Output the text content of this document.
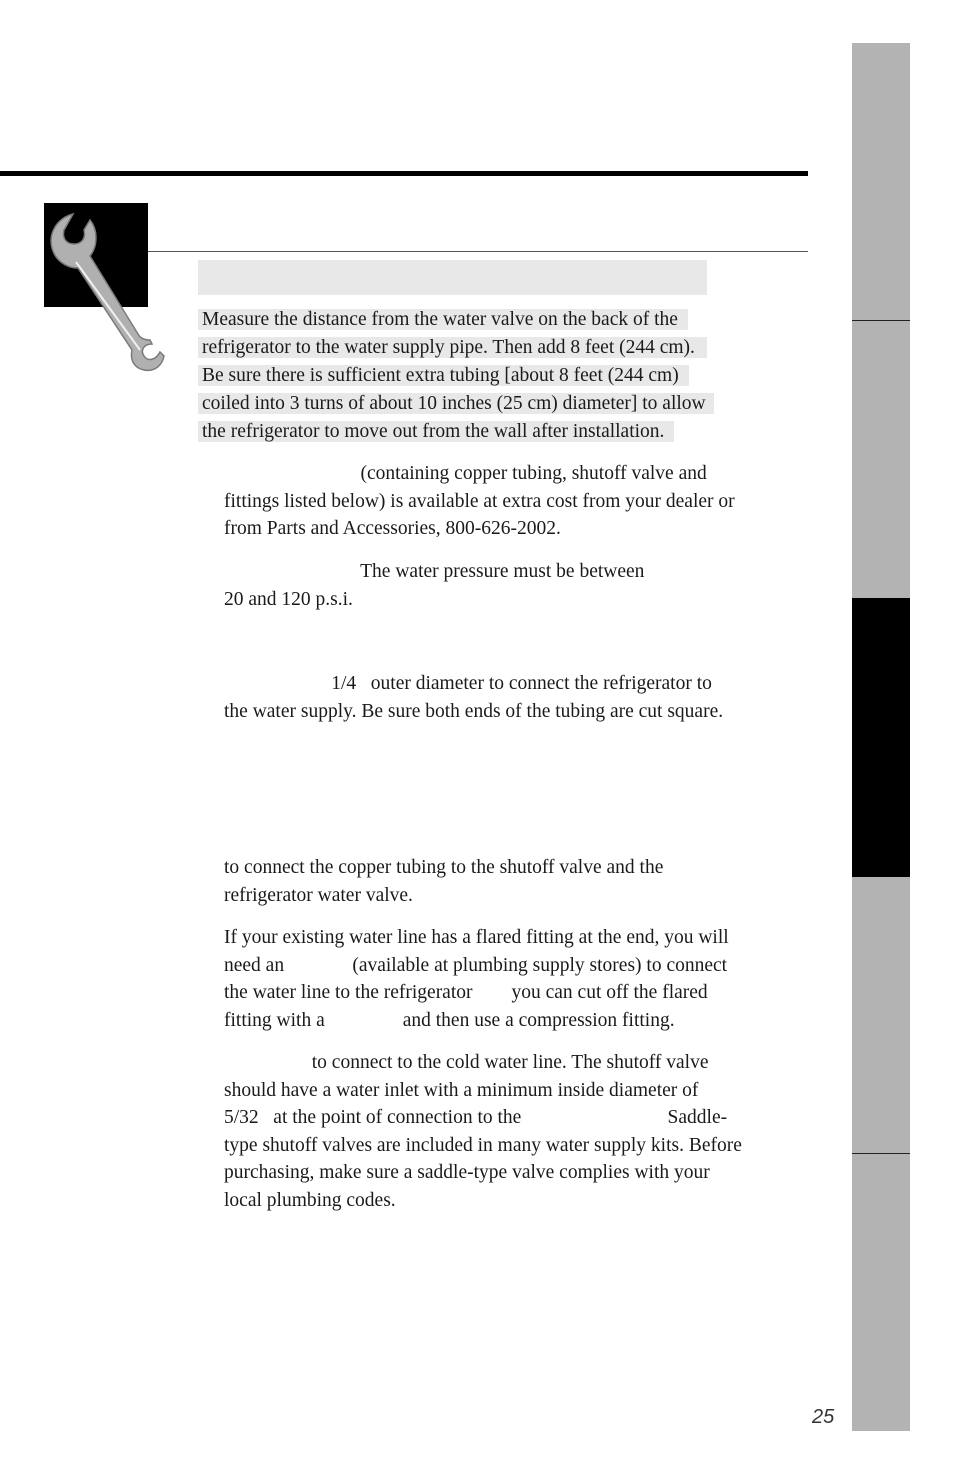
Measure the distance from the water valve on the back of the
refrigerator to the water supply pipe. Then add 8 feet (244 cm).
Be sure there is sufficient extra tubing [about 8 feet (244 cm)
coiled into 3 turns of about 10 inches (25 cm) diameter] to allow
the refrigerator to move out from the wall after installation.

(containing copper tubing, shutoff valve and
fittings listed below) is available at extra cost from your dealer or
from Parts and Accessories, 800-626-2002.

The water pressure must be between
20 and 120 p.s.i.

1/4   outer diameter to connect the refrigerator to
the water supply. Be sure both ends of the tubing are cut square.

to connect the copper tubing to the shutoff valve and the
refrigerator water valve.

If your existing water line has a flared fitting at the end, you will
need an              (available at plumbing supply stores) to connect
the water line to the refrigerator        you can cut off the flared
fitting with a                and then use a compression fitting.

to connect to the cold water line. The shutoff valve
should have a water inlet with a minimum inside diameter of
5/32   at the point of connection to the                              Saddle-
type shutoff valves are included in many water supply kits. Before
purchasing, make sure a saddle-type valve complies with your
local plumbing codes.

25
